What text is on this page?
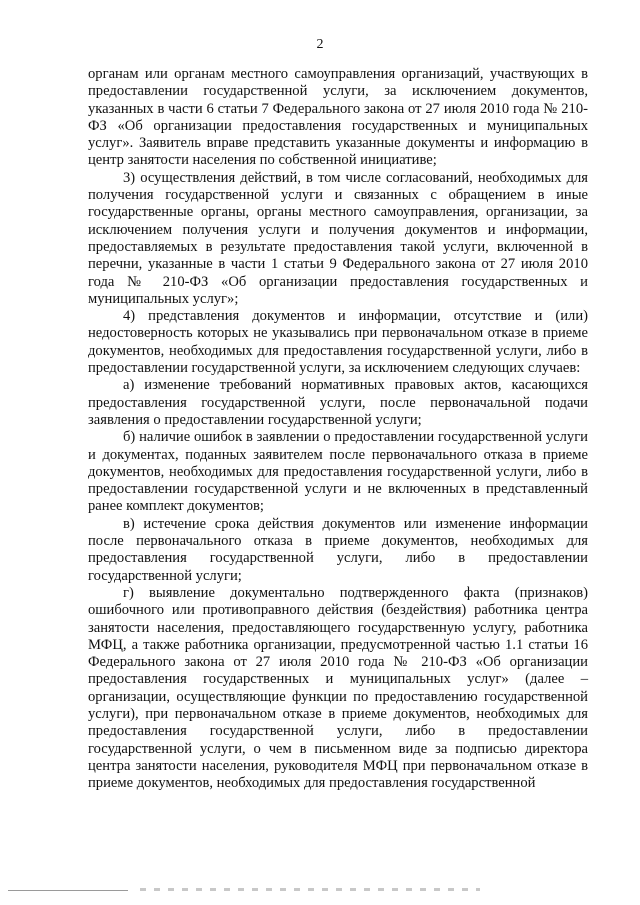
2

органам или органам местного самоуправления организаций, участвующих в предоставлении государственной услуги, за исключением документов, указанных в части 6 статьи 7 Федерального закона от 27 июля 2010 года № 210-ФЗ «Об организации предоставления государственных и муниципальных услуг». Заявитель вправе представить указанные документы и информацию в центр занятости населения по собственной инициативе;

3) осуществления действий, в том числе согласований, необходимых для получения государственной услуги и связанных с обращением в иные государственные органы, органы местного самоуправления, организации, за исключением получения услуги и получения документов и информации, предоставляемых в результате предоставления такой услуги, включенной в перечни, указанные в части 1 статьи 9 Федерального закона от 27 июля 2010 года № 210-ФЗ «Об организации предоставления государственных и муниципальных услуг»;

4) представления документов и информации, отсутствие и (или) недостоверность которых не указывались при первоначальном отказе в приеме документов, необходимых для предоставления государственной услуги, либо в предоставлении государственной услуги, за исключением следующих случаев:

а) изменение требований нормативных правовых актов, касающихся предоставления государственной услуги, после первоначальной подачи заявления о предоставлении государственной услуги;

б) наличие ошибок в заявлении о предоставлении государственной услуги и документах, поданных заявителем после первоначального отказа в приеме документов, необходимых для предоставления государственной услуги, либо в предоставлении государственной услуги и не включенных в представленный ранее комплект документов;

в) истечение срока действия документов или изменение информации после первоначального отказа в приеме документов, необходимых для предоставления государственной услуги, либо в предоставлении государственной услуги;

г) выявление документально подтвержденного факта (признаков) ошибочного или противоправного действия (бездействия) работника центра занятости населения, предоставляющего государственную услугу, работника МФЦ, а также работника организации, предусмотренной частью 1.1 статьи 16 Федерального закона от 27 июля 2010 года № 210-ФЗ «Об организации предоставления государственных и муниципальных услуг» (далее – организации, осуществляющие функции по предоставлению государственной услуги), при первоначальном отказе в приеме документов, необходимых для предоставления государственной услуги, либо в предоставлении государственной услуги, о чем в письменном виде за подписью директора центра занятости населения, руководителя МФЦ при первоначальном отказе в приеме документов, необходимых для предоставления государственной
